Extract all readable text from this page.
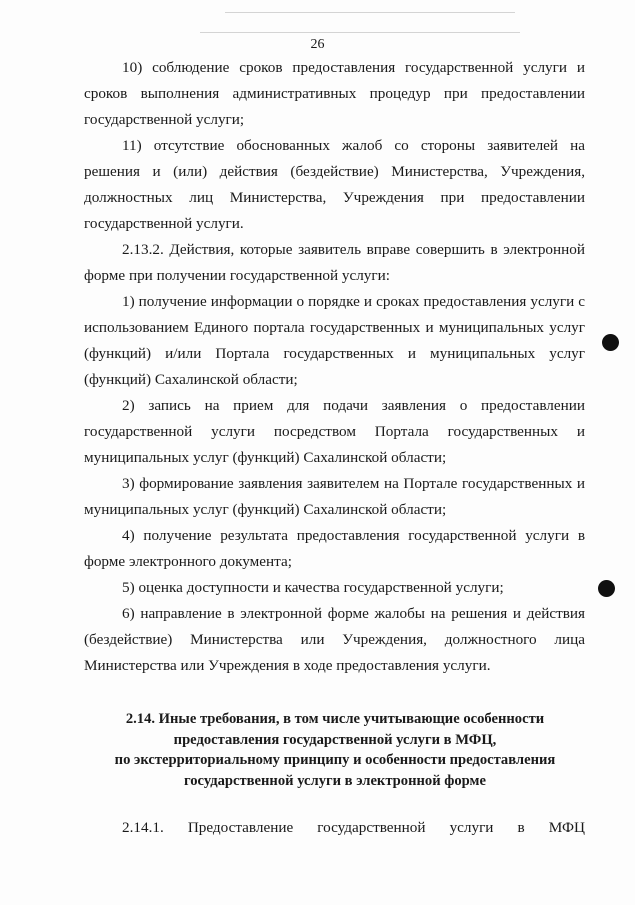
26

10) соблюдение сроков предоставления государственной услуги и сроков выполнения административных процедур при предоставлении государственной услуги;

11) отсутствие обоснованных жалоб со стороны заявителей на решения и (или) действия (бездействие) Министерства, Учреждения, должностных лиц Министерства, Учреждения при предоставлении государственной услуги.

2.13.2. Действия, которые заявитель вправе совершить в электронной форме при получении государственной услуги:

1) получение информации о порядке и сроках предоставления услуги с использованием Единого портала государственных и муниципальных услуг (функций) и/или Портала государственных и муниципальных услуг (функций) Сахалинской области;

2) запись на прием для подачи заявления о предоставлении государственной услуги посредством Портала государственных и муниципальных услуг (функций) Сахалинской области;

3) формирование заявления заявителем на Портале государственных и муниципальных услуг (функций) Сахалинской области;

4) получение результата предоставления государственной услуги в форме электронного документа;

5) оценка доступности и качества государственной услуги;

6) направление в электронной форме жалобы на решения и действия (бездействие) Министерства или Учреждения, должностного лица Министерства или Учреждения в ходе предоставления услуги.

2.14. Иные требования, в том числе учитывающие особенности
предоставления государственной услуги в МФЦ,
по экстерриториальному принципу и особенности предоставления
государственной услуги в электронной форме
2.14.1. Предоставление государственной услуги в МФЦ
